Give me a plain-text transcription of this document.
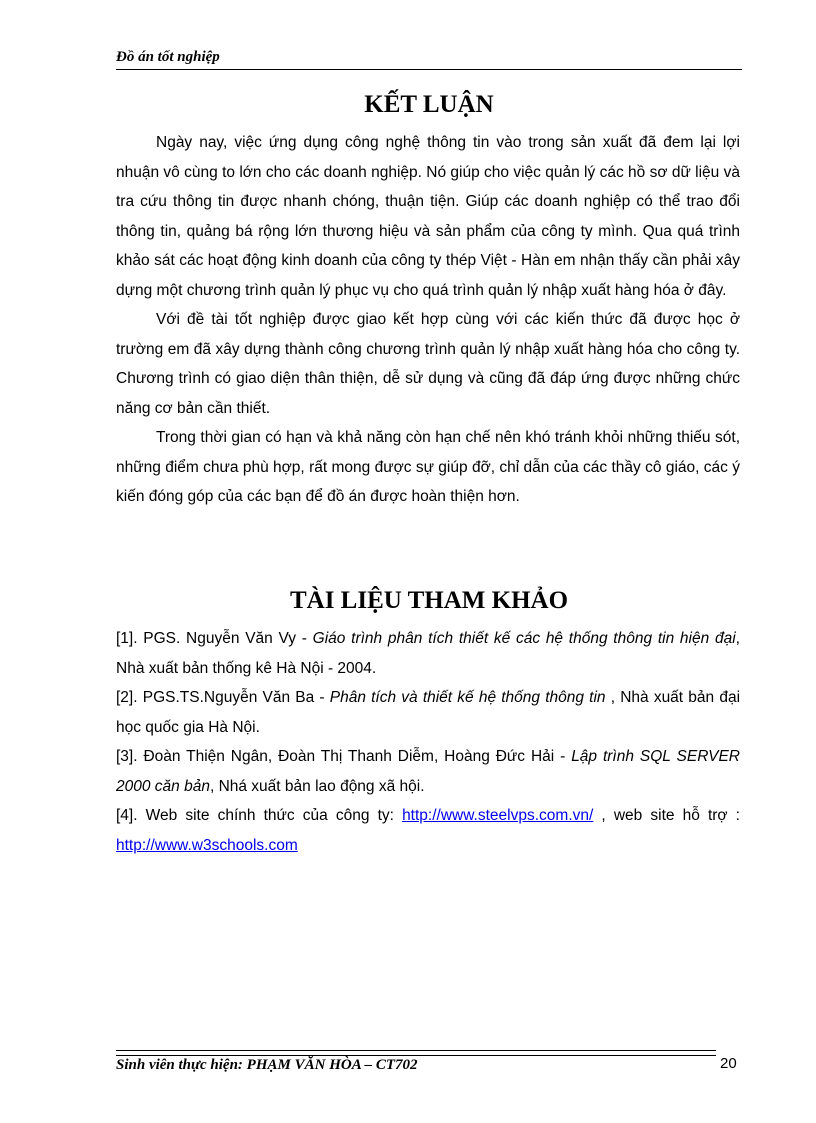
Đồ án tốt nghiệp
KẾT LUẬN

Ngày nay, việc ứng dụng công nghệ thông tin vào trong sản xuất đã đem lại lợi nhuận vô cùng to lớn cho các doanh nghiệp. Nó giúp cho việc quản lý các hồ sơ dữ liệu và tra cứu thông tin được nhanh chóng, thuận tiện. Giúp các doanh nghiệp có thể trao đổi thông tin, quảng bá rộng lớn thương hiệu và sản phẩm của công ty mình. Qua quá trình khảo sát các hoạt động kinh doanh của công ty thép Việt - Hàn em nhận thấy cần phải xây dựng một chương trình quản lý phục vụ cho quá trình quản lý nhập xuất hàng hóa ở đây.

Với đề tài tốt nghiệp được giao kết hợp cùng với các kiến thức đã được học ở trường em đã xây dựng thành công chương trình quản lý nhập xuất hàng hóa cho công ty. Chương trình có giao diện thân thiện, dễ sử dụng và cũng đã đáp ứng được những chức năng cơ bản cần thiết.

Trong thời gian có hạn và khả năng còn hạn chế nên khó tránh khỏi những thiếu sót, những điểm chưa phù hợp, rất mong được sự giúp đỡ, chỉ dẫn của các thầy cô giáo, các ý kiến đóng góp của các bạn để đồ án được hoàn thiện hơn.

TÀI LIỆU THAM KHẢO

[1]. PGS. Nguyễn Văn Vy - Giáo trình phân tích thiết kế các hệ thống thông tin hiện đại, Nhà xuất bản thống kê Hà Nội - 2004.

[2]. PGS.TS.Nguyễn Văn Ba - Phân tích và thiết kế hệ thống thông tin , Nhà xuất bản đại học quốc gia Hà Nội.

[3]. Đoàn Thiện Ngân, Đoàn Thị Thanh Diễm, Hoàng Đức Hải - Lập trình SQL SERVER 2000 căn bản, Nhá xuất bản lao động xã hội.

[4]. Web site chính thức của công ty: http://www.steelvps.com.vn/ , web site hỗ trợ : http://www.w3schools.com

Sinh viên thực hiện: PHẠM VĂN HÒA – CT702	20
